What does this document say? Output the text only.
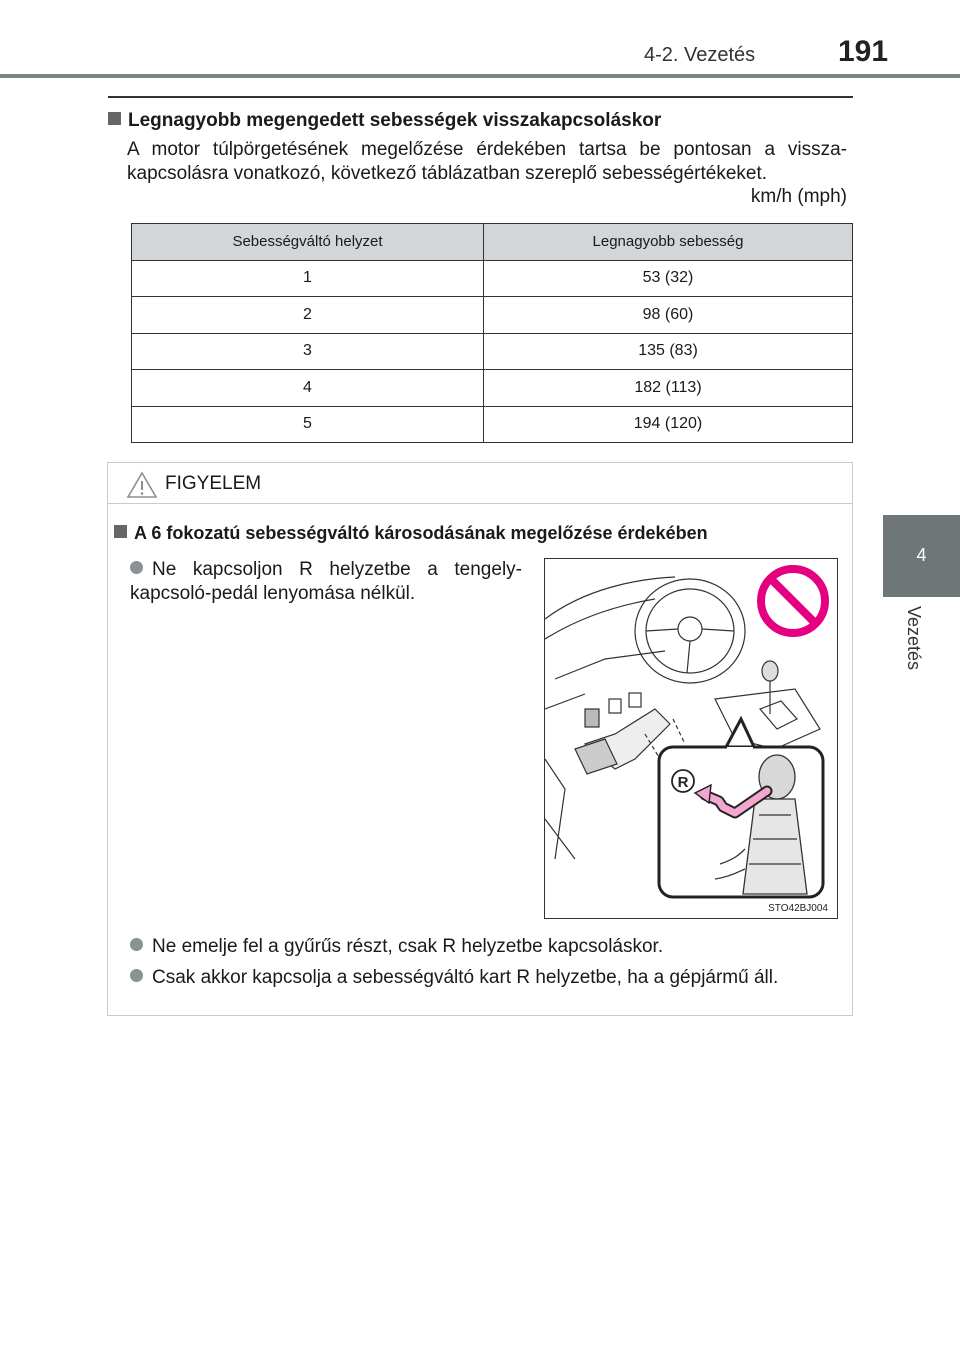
4-2. Vezetés	191
4
Vezetés
Legnagyobb megengedett sebességek visszakapcsoláskor
A motor túlpörgetésének megelőzése érdekében tartsa be pontosan a vissza-kapcsolásra vonatkozó, következő táblázatban szereplő sebességértékeket.
km/h (mph)
Sebességváltó helyzet	Legnagyobb sebesség
1	53 (32)
2	98 (60)
3	135 (83)
4	182 (113)
5	194 (120)
FIGYELEM
A 6 fokozatú sebességváltó károsodásának megelőzése érdekében
Ne kapcsoljon R helyzetbe a tengely-kapcsoló-pedál lenyomása nélkül.
R
STO42BJ004
Ne emelje fel a gyűrűs részt, csak R helyzetbe kapcsoláskor.
Csak akkor kapcsolja a sebességváltó kart R helyzetbe, ha a gépjármű áll.
